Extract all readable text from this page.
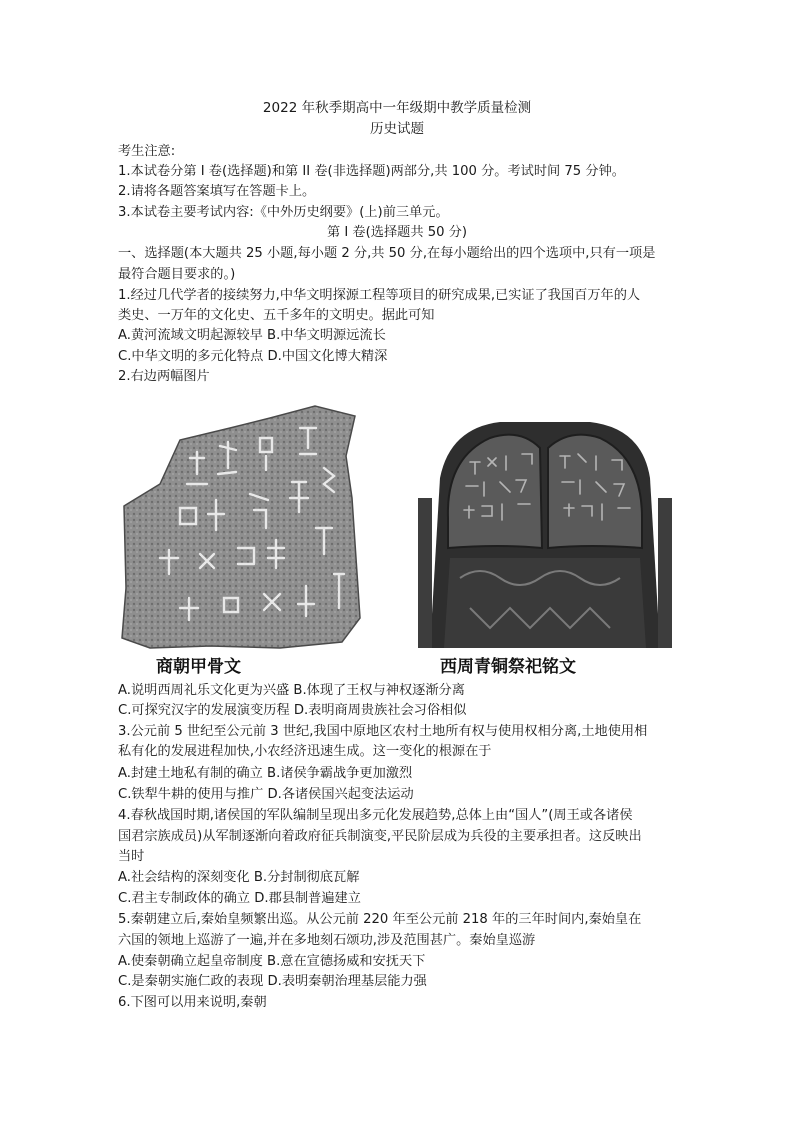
2022 年秋季期高中一年级期中教学质量检测
历史试题
考生注意:
1.本试卷分第 I 卷(选择题)和第 II 卷(非选择题)两部分,共 100 分。考试时间 75 分钟。
2.请将各题答案填写在答题卡上。
3.本试卷主要考试内容:《中外历史纲要》(上)前三单元。
第 I 卷(选择题共 50 分)
一、选择题(本大题共 25 小题,每小题 2 分,共 50 分,在每小题给出的四个选项中,只有一项是
最符合题目要求的。)
1.经过几代学者的接续努力,中华文明探源工程等项目的研究成果,已实证了我国百万年的人
类史、一万年的文化史、五千多年的文明史。据此可知
A.黄河流域文明起源较早 B.中华文明源远流长
C.中华文明的多元化特点 D.中国文化博大精深
2.右边两幅图片
商朝甲骨文	西周青铜祭祀铭文
A.说明西周礼乐文化更为兴盛 B.体现了王权与神权逐渐分离
C.可探究汉字的发展演变历程 D.表明商周贵族社会习俗相似
3.公元前 5 世纪至公元前 3 世纪,我国中原地区农村土地所有权与使用权相分离,土地使用相
私有化的发展进程加快,小农经济迅速生成。这一变化的根源在于
A.封建土地私有制的确立 B.诸侯争霸战争更加激烈
C.铁犁牛耕的使用与推广 D.各诸侯国兴起变法运动
4.春秋战国时期,诸侯国的军队编制呈现出多元化发展趋势,总体上由“国人”(周王或各诸侯
国君宗族成员)从军制逐渐向着政府征兵制演变,平民阶层成为兵役的主要承担者。这反映出
当时
A.社会结构的深刻变化 B.分封制彻底瓦解
C.君主专制政体的确立 D.郡县制普遍建立
5.秦朝建立后,秦始皇频繁出巡。从公元前 220 年至公元前 218 年的三年时间内,秦始皇在
六国的领地上巡游了一遍,并在多地刻石颂功,涉及范围甚广。秦始皇巡游
A.使秦朝确立起皇帝制度 B.意在宣德扬威和安抚天下
C.是秦朝实施仁政的表现 D.表明秦朝治理基层能力强
6.下图可以用来说明,秦朝
